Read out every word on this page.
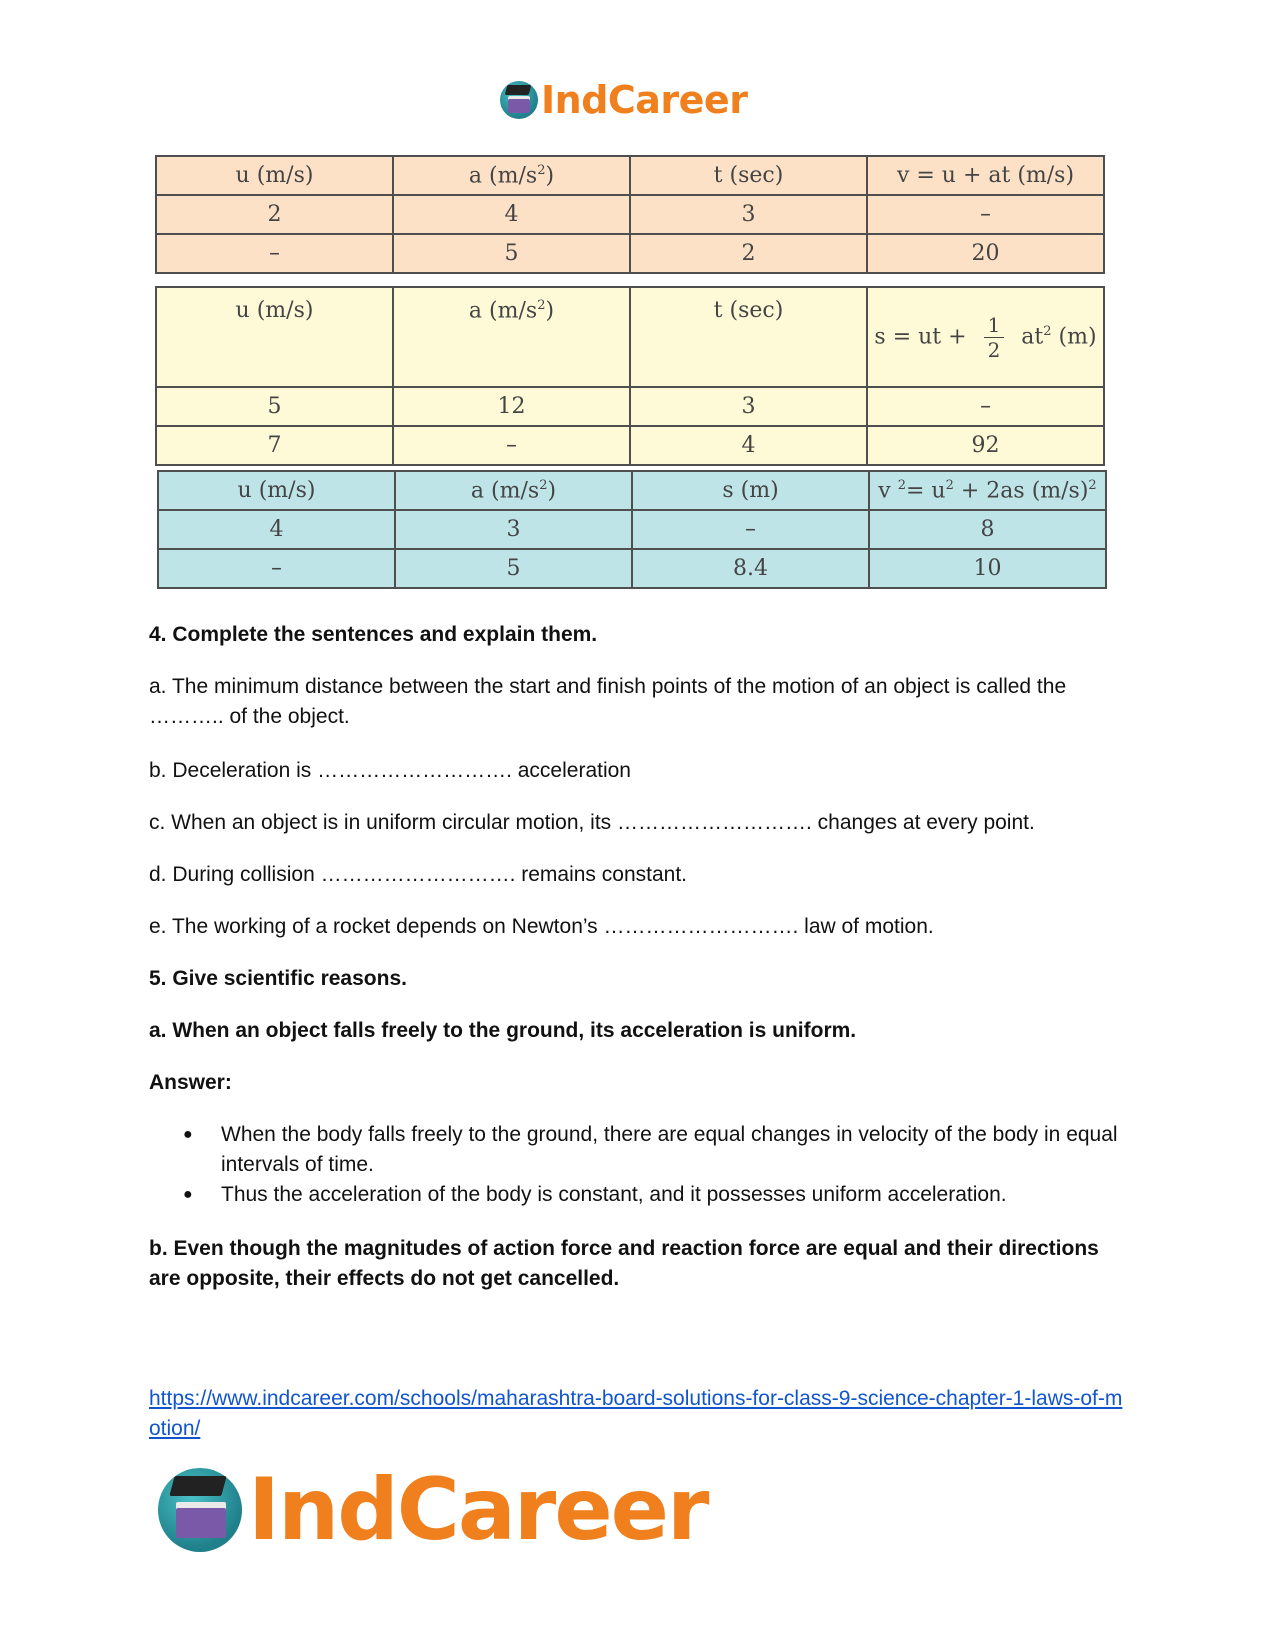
IndCareer
u (m/s)	a $(m/s^2)$	t (sec)	v = u + at (m/s)
2	4	3	–
–	5	2	20
u (m/s)	a $(m/s^2)$	t (sec)	s = ut + $\frac{1}{2} at^2$ (m)
5	12	3	–
7	–	4	92
u (m/s)	a $(m/s^2)$	s (m)	v $^2= u^2 + 2as$ $(m/s)^2$
4	3	–	8
–	5	8.4	10

4. Complete the sentences and explain them.

a. The minimum distance between the start and finish points of the motion of an object is called the ……….. of the object.

b. Deceleration is ………………………. acceleration

c. When an object is in uniform circular motion, its ………………………. changes at every point.

d. During collision ………………………. remains constant.

e. The working of a rocket depends on Newton’s ………………………. law of motion.

5. Give scientific reasons.

a. When an object falls freely to the ground, its acceleration is uniform.

Answer:

● When the body falls freely to the ground, there are equal changes in velocity of the body in equal intervals of time.
● Thus the acceleration of the body is constant, and it possesses uniform acceleration.

b. Even though the magnitudes of action force and reaction force are equal and their directions are opposite, their effects do not get cancelled.

https://www.indcareer.com/schools/maharashtra-board-solutions-for-class-9-science-chapter-1-laws-of-motion/
IndCareer
